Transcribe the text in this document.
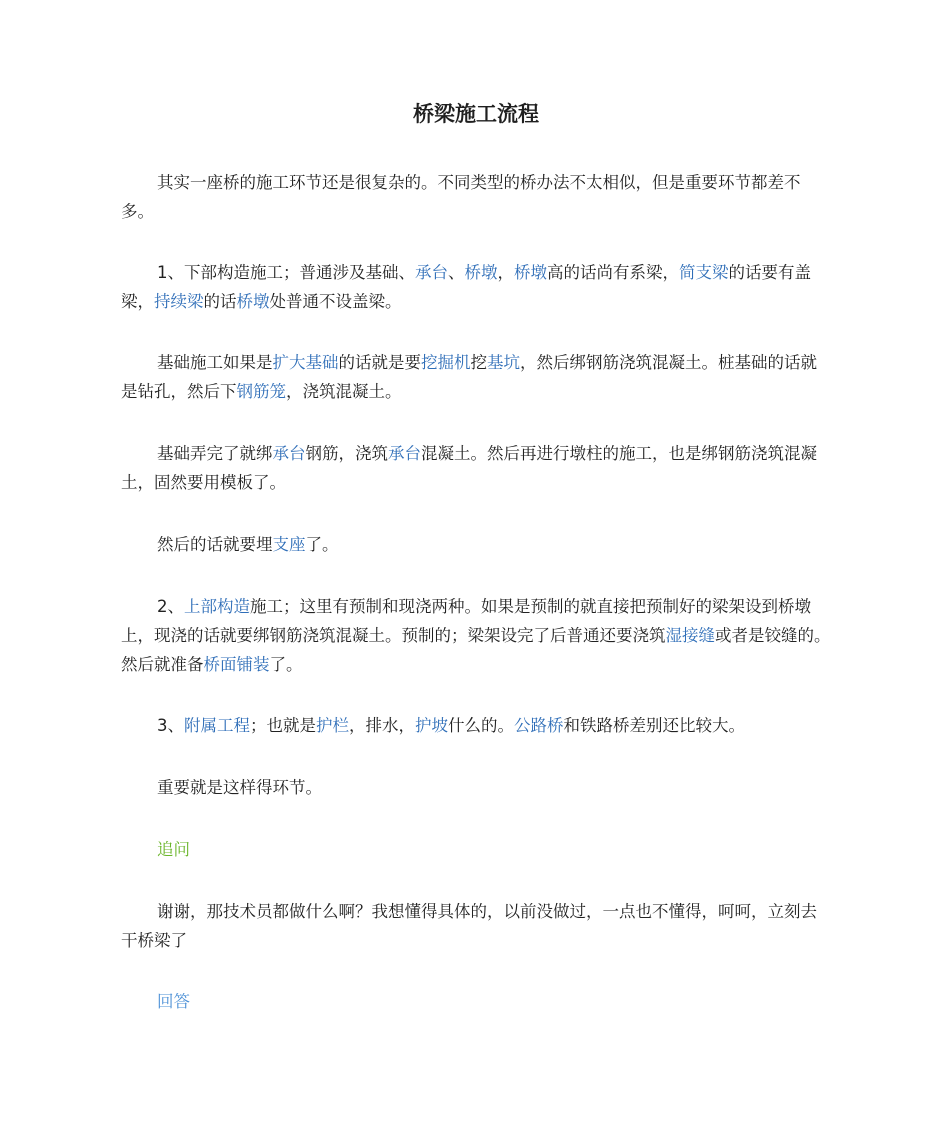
桥梁施工流程

其实一座桥的施工环节还是很复杂的。不同类型的桥办法不太相似，但是重要环节都差不多。

1、下部构造施工；普通涉及基础、承台、桥墩，桥墩高的话尚有系梁，简支梁的话要有盖梁，持续梁的话桥墩处普通不设盖梁。

基础施工如果是扩大基础的话就是要挖掘机挖基坑，然后绑钢筋浇筑混凝土。桩基础的话就是钻孔，然后下钢筋笼，浇筑混凝土。

基础弄完了就绑承台钢筋，浇筑承台混凝土。然后再进行墩柱的施工，也是绑钢筋浇筑混凝土，固然要用模板了。

然后的话就要埋支座了。

2、上部构造施工；这里有预制和现浇两种。如果是预制的就直接把预制好的梁架设到桥墩上，现浇的话就要绑钢筋浇筑混凝土。预制的；梁架设完了后普通还要浇筑湿接缝或者是铰缝的。然后就准备桥面铺装了。

3、附属工程；也就是护栏，排水，护坡什么的。公路桥和铁路桥差别还比较大。

重要就是这样得环节。

追问

谢谢，那技术员都做什么啊？我想懂得具体的，以前没做过，一点也不懂得，呵呵，立刻去干桥梁了

回答
